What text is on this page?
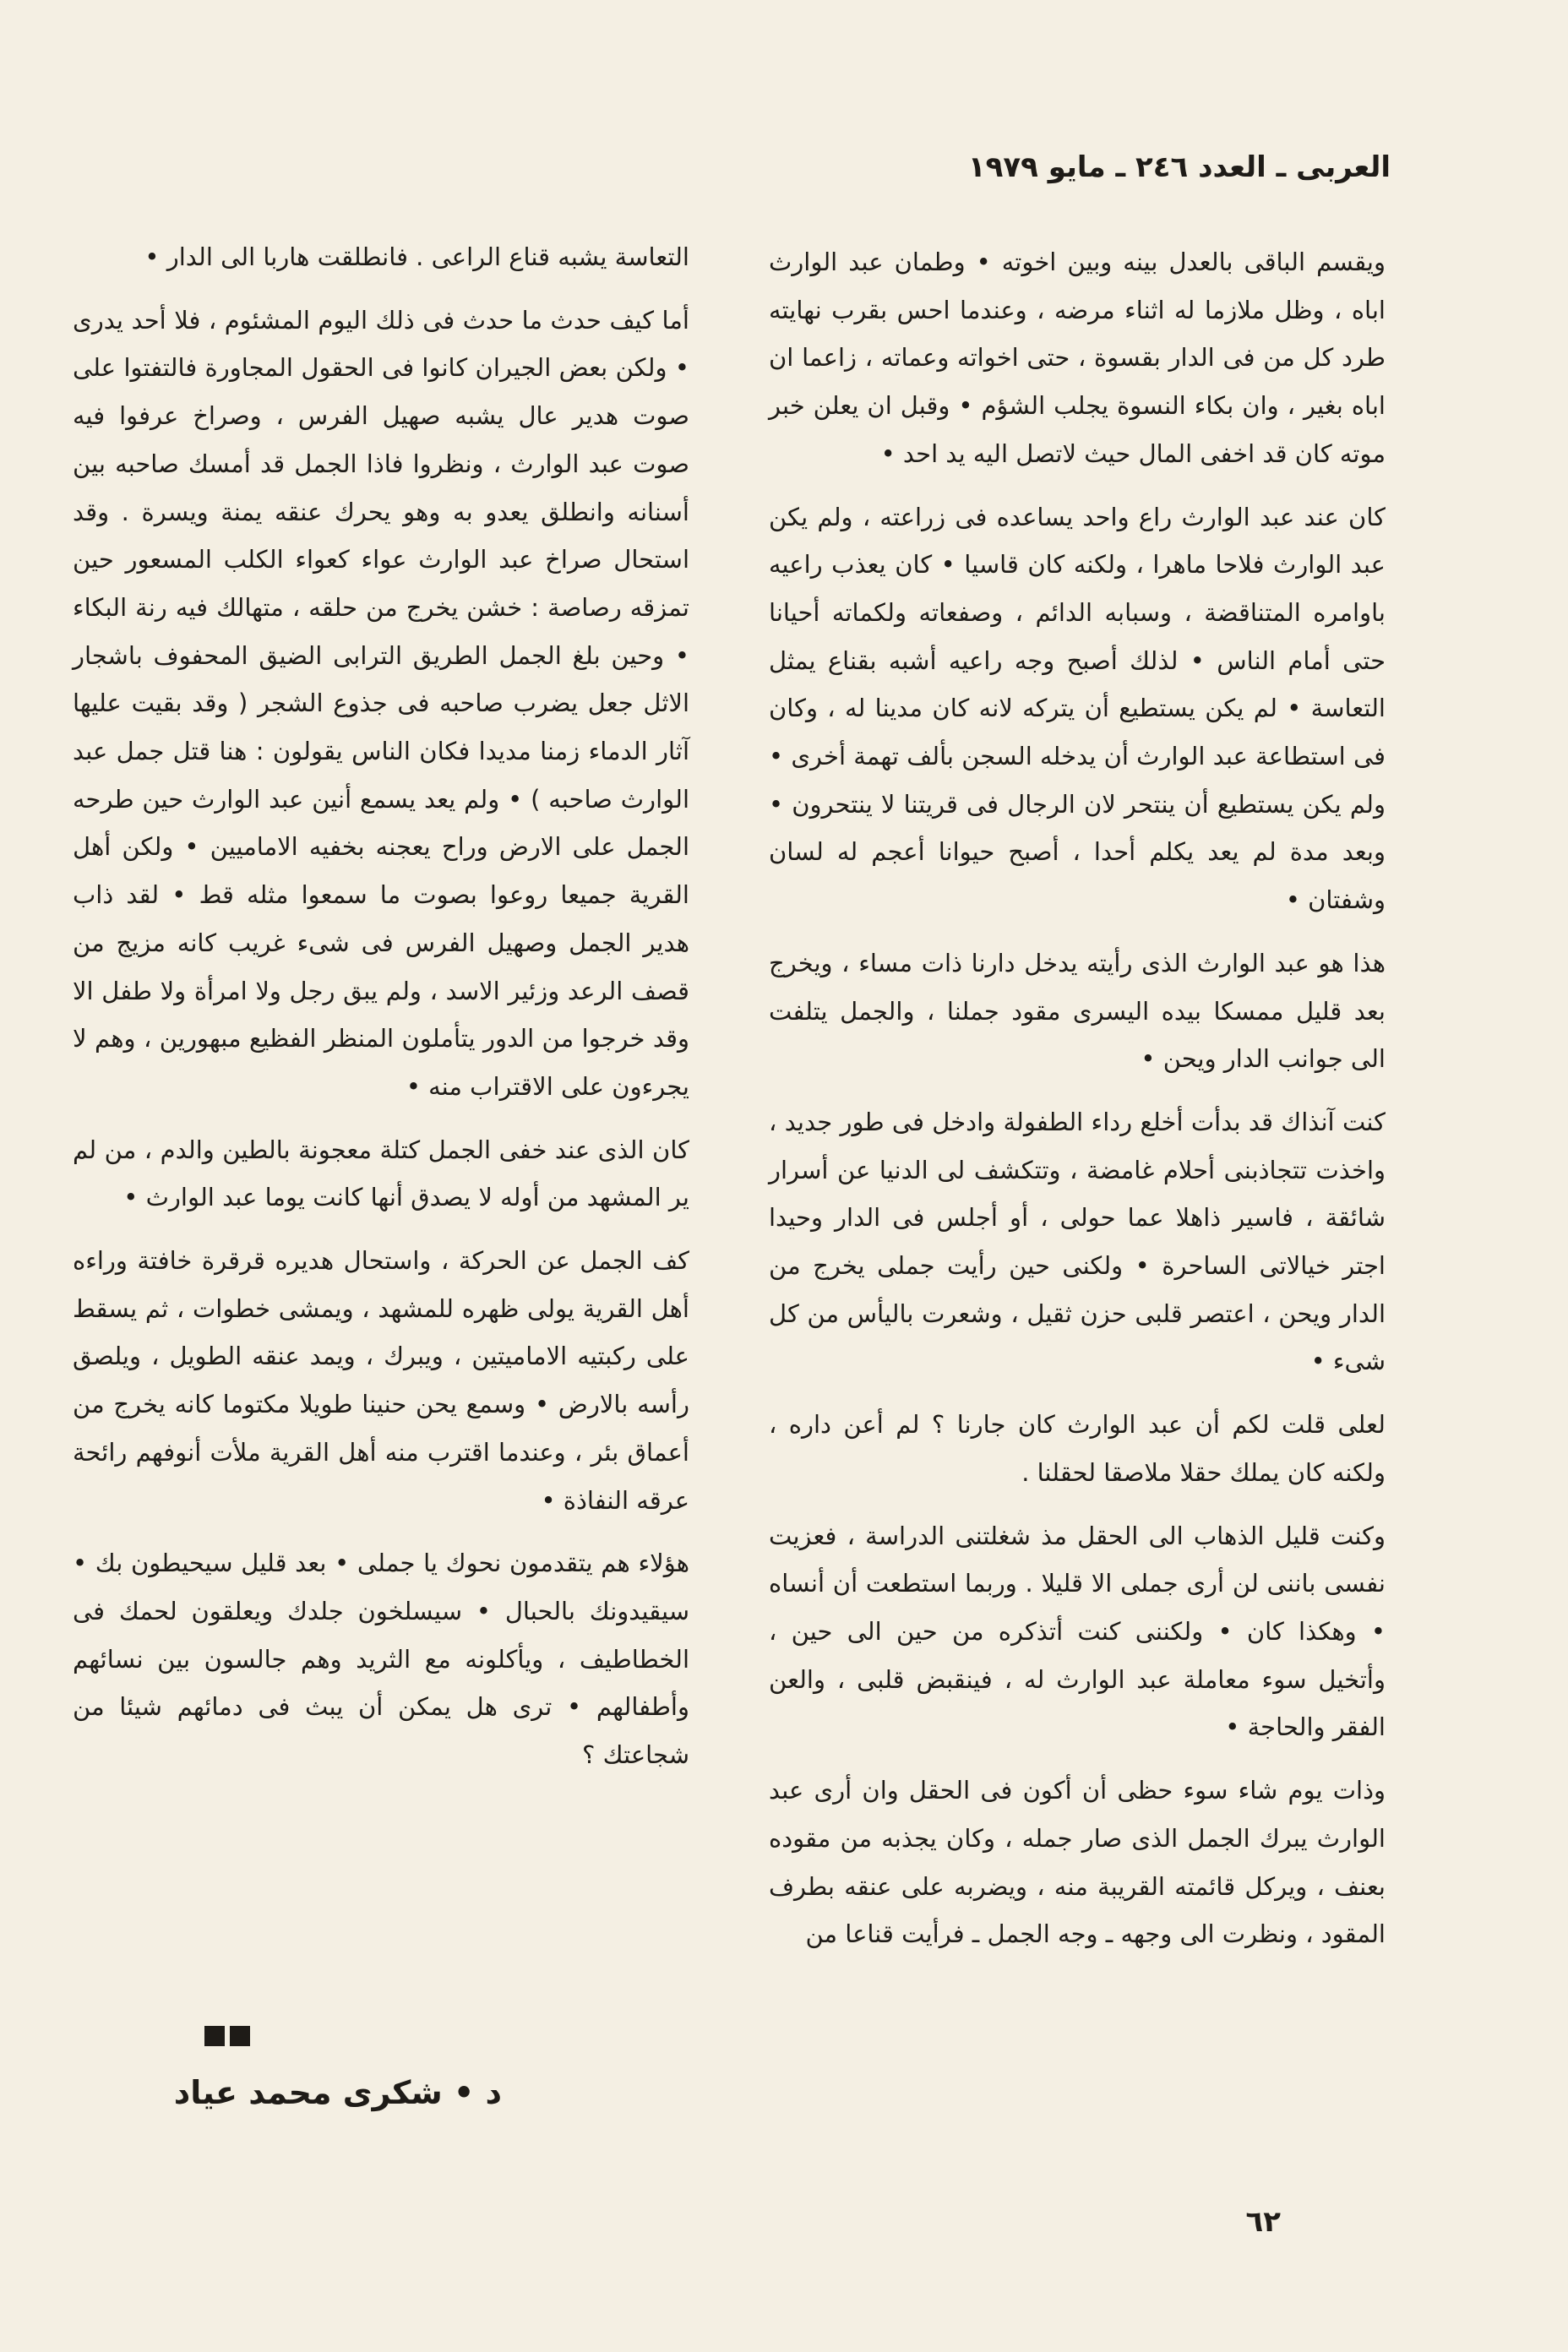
العربى ـ العدد ٢٤٦ ـ مايو ١٩٧٩

ويقسم الباقى بالعدل بينه وبين اخوته • وطمان عبد الوارث اباه ، وظل ملازما له اثناء مرضه ، وعندما احس بقرب نهايته طرد كل من فى الدار بقسوة ، حتى اخواته وعماته ، زاعما ان اباه بغير ، وان بكاء النسوة يجلب الشؤم • وقبل ان يعلن خبر موته كان قد اخفى المال حيث لاتصل اليه يد احد •

كان عند عبد الوارث راع واحد يساعده فى زراعته ، ولم يكن عبد الوارث فلاحا ماهرا ، ولكنه كان قاسيا • كان يعذب راعيه باوامره المتناقضة ، وسبابه الدائم ، وصفعاته ولكماته أحيانا حتى أمام الناس • لذلك أصبح وجه راعيه أشبه بقناع يمثل التعاسة • لم يكن يستطيع أن يتركه لانه كان مدينا له ، وكان فى استطاعة عبد الوارث أن يدخله السجن بألف تهمة أخرى • ولم يكن يستطيع أن ينتحر لان الرجال فى قريتنا لا ينتحرون • وبعد مدة لم يعد يكلم أحدا ، أصبح حيوانا أعجم له لسان وشفتان •

هذا هو عبد الوارث الذى رأيته يدخل دارنا ذات مساء ، ويخرج بعد قليل ممسكا بيده اليسرى مقود جملنا ، والجمل يتلفت الى جوانب الدار ويحن •

كنت آنذاك قد بدأت أخلع رداء الطفولة وادخل فى طور جديد ، واخذت تتجاذبنى أحلام غامضة ، وتتكشف لى الدنيا عن أسرار شائقة ، فاسير ذاهلا عما حولى ، أو أجلس فى الدار وحيدا اجتر خيالاتى الساحرة • ولكنى حين رأيت جملى يخرج من الدار ويحن ، اعتصر قلبى حزن ثقيل ، وشعرت باليأس من كل شىء •

لعلى قلت لكم أن عبد الوارث كان جارنا ؟ لم أعن داره ، ولكنه كان يملك حقلا ملاصقا لحقلنا .

وكنت قليل الذهاب الى الحقل مذ شغلتنى الدراسة ، فعزيت نفسى باننى لن أرى جملى الا قليلا . وربما استطعت أن أنساه • وهكذا كان • ولكننى كنت أتذكره من حين الى حين ، وأتخيل سوء معاملة عبد الوارث له ، فينقبض قلبى ، والعن الفقر والحاجة •

وذات يوم شاء سوء حظى أن أكون فى الحقل وان أرى عبد الوارث يبرك الجمل الذى صار جمله ، وكان يجذبه من مقوده بعنف ، ويركل قائمته القريبة منه ، ويضربه على عنقه بطرف المقود ، ونظرت الى وجهه ـ وجه الجمل ـ فرأيت قناعا من

التعاسة يشبه قناع الراعى . فانطلقت هاربا الى الدار •

أما كيف حدث ما حدث فى ذلك اليوم المشئوم ، فلا أحد يدرى • ولكن بعض الجيران كانوا فى الحقول المجاورة فالتفتوا على صوت هدير عال يشبه صهيل الفرس ، وصراخ عرفوا فيه صوت عبد الوارث ، ونظروا فاذا الجمل قد أمسك صاحبه بين أسنانه وانطلق يعدو به وهو يحرك عنقه يمنة ويسرة . وقد استحال صراخ عبد الوارث عواء كعواء الكلب المسعور حين تمزقه رصاصة : خشن يخرج من حلقه ، متهالك فيه رنة البكاء • وحين بلغ الجمل الطريق الترابى الضيق المحفوف باشجار الاثل جعل يضرب صاحبه فى جذوع الشجر ( وقد بقيت عليها آثار الدماء زمنا مديدا فكان الناس يقولون : هنا قتل جمل عبد الوارث صاحبه ) • ولم يعد يسمع أنين عبد الوارث حين طرحه الجمل على الارض وراح يعجنه بخفيه الاماميين • ولكن أهل القرية جميعا روعوا بصوت ما سمعوا مثله قط • لقد ذاب هدير الجمل وصهيل الفرس فى شىء غريب كانه مزيج من قصف الرعد وزئير الاسد ، ولم يبق رجل ولا امرأة ولا طفل الا وقد خرجوا من الدور يتأملون المنظر الفظيع مبهورين ، وهم لا يجرءون على الاقتراب منه •

كان الذى عند خفى الجمل كتلة معجونة بالطين والدم ، من لم ير المشهد من أوله لا يصدق أنها كانت يوما عبد الوارث •

كف الجمل عن الحركة ، واستحال هديره قرقرة خافتة وراءه أهل القرية يولى ظهره للمشهد ، ويمشى خطوات ، ثم يسقط على ركبتيه الاماميتين ، ويبرك ، ويمد عنقه الطويل ، ويلصق رأسه بالارض • وسمع يحن حنينا طويلا مكتوما كانه يخرج من أعماق بئر ، وعندما اقترب منه أهل القرية ملأت أنوفهم رائحة عرقه النفاذة •

هؤلاء هم يتقدمون نحوك يا جملى • بعد قليل سيحيطون بك • سيقيدونك بالحبال • سيسلخون جلدك ويعلقون لحمك فى الخطاطيف ، ويأكلونه مع الثريد وهم جالسون بين نسائهم وأطفالهم • ترى هل يمكن أن يبث فى دمائهم شيئا من شجاعتك ؟

د • شكرى محمد عياد
٦٢
